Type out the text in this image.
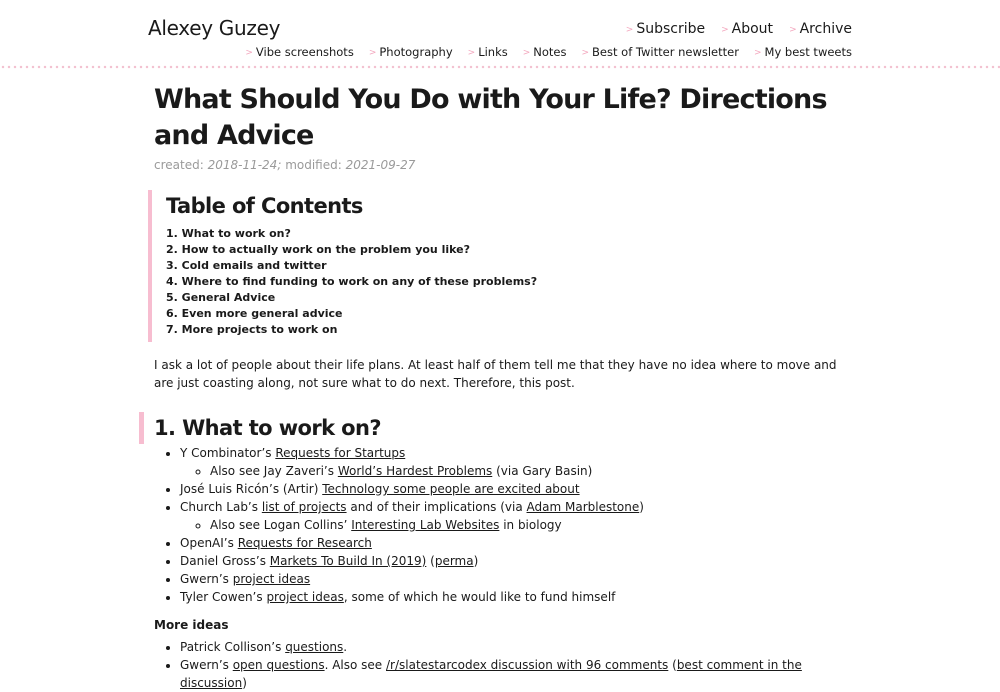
Alexey Guzey	> Subscribe > About > Archive
> Vibe screenshots > Photography > Links > Notes > Best of Twitter newsletter > My best tweets
What Should You Do with Your Life? Directions and Advice
created: 2018-11-24; modified: 2021-09-27
Table of Contents
1. What to work on?
2. How to actually work on the problem you like?
3. Cold emails and twitter
4. Where to find funding to work on any of these problems?
5. General Advice
6. Even more general advice
7. More projects to work on

I ask a lot of people about their life plans. At least half of them tell me that they have no idea where to move and are just coasting along, not sure what to do next. Therefore, this post.

1. What to work on?
• Y Combinator’s Requests for Startups
◦ Also see Jay Zaveri’s World’s Hardest Problems (via Gary Basin)
• José Luis Ricón’s (Artir) Technology some people are excited about
• Church Lab’s list of projects and of their implications (via Adam Marblestone)
◦ Also see Logan Collins’ Interesting Lab Websites in biology
• OpenAI’s Requests for Research
• Daniel Gross’s Markets To Build In (2019) (perma)
• Gwern’s project ideas
• Tyler Cowen’s project ideas, some of which he would like to fund himself

More ideas

• Patrick Collison’s questions.
• Gwern’s open questions. Also see /r/slatestarcodex discussion with 96 comments (best comment in the discussion)
